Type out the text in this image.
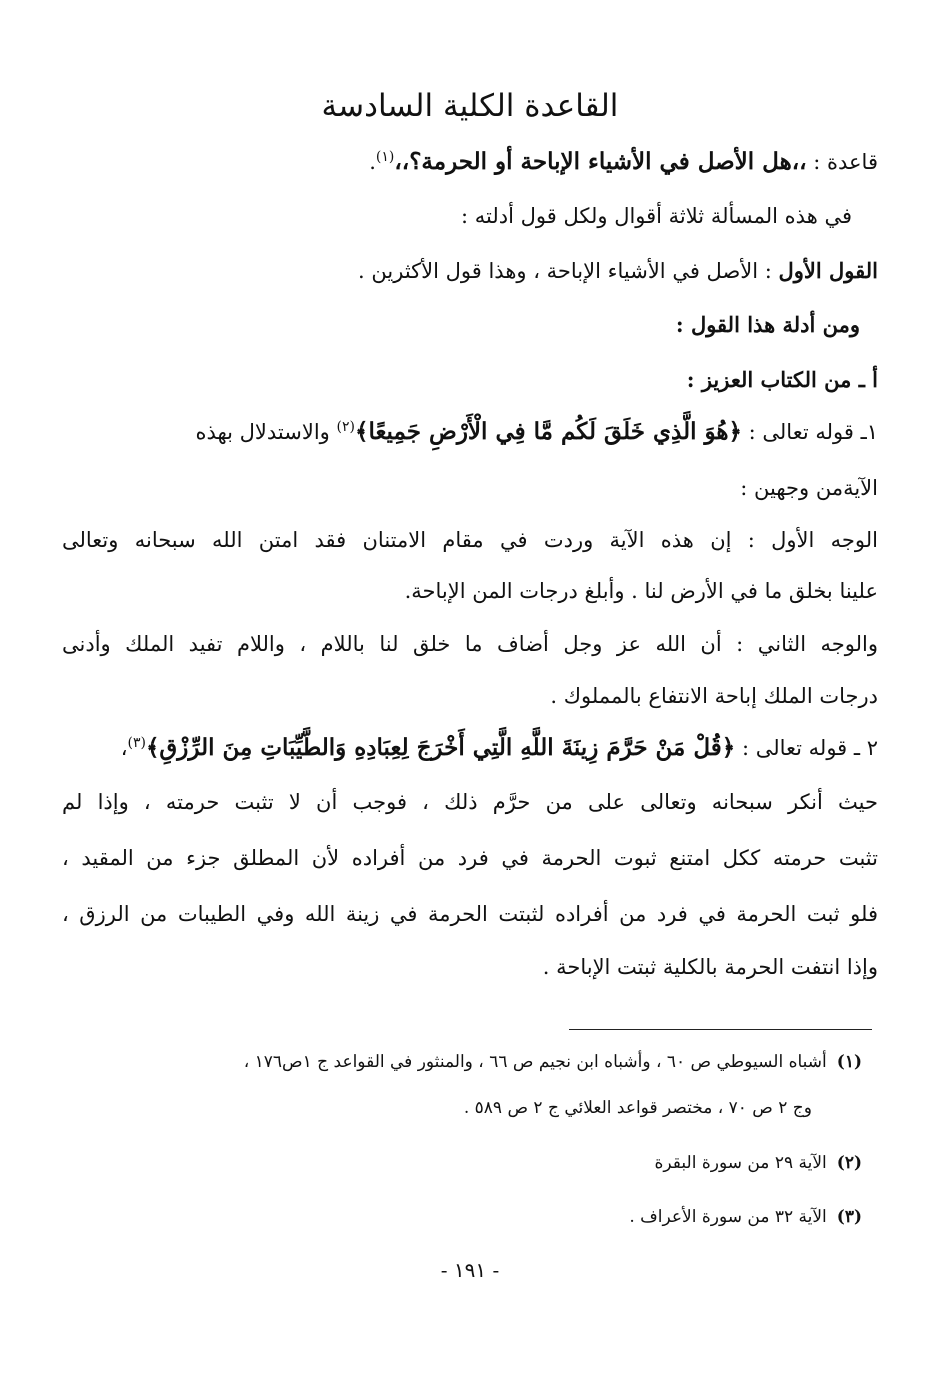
القاعدة الكلية السادسة
قاعدة : ،،هل الأصل في الأشياء الإباحة أو الحرمة؟،،$^{(١)}$.
في هذه المسألة ثلاثة أقوال ولكل قول أدلته :
القول الأول : الأصل في الأشياء الإباحة ، وهذا قول الأكثرين .
ومن أدلة هذا القول :
أ ـ من الكتاب العزيز :
١ـ قوله تعالى : ﴿هُوَ الَّذِي خَلَقَ لَكُم مَّا فِي الْأَرْضِ جَمِيعًا﴾$^{(٢)}$ والاستدلال بهذه
الآيةمن وجهين :
الوجه الأول : إن هذه الآية وردت في مقام الامتنان فقد امتن الله سبحانه وتعالى
علينا بخلق ما في الأرض لنا . وأبلغ درجات المن الإباحة.
والوجه الثاني : أن الله عز وجل أضاف ما خلق لنا باللام ، واللام تفيد الملك وأدنى
درجات الملك إباحة الانتفاع بالمملوك .
٢ ـ قوله تعالى : ﴿قُلْ مَنْ حَرَّمَ زِينَةَ اللَّهِ الَّتِي أَخْرَجَ لِعِبَادِهِ وَالطَّيِّبَاتِ مِنَ الرِّزْقِ﴾$^{(٣)}$،
حيث أنكر سبحانه وتعالى على من حرَّم ذلك ، فوجب أن لا تثبت حرمته ، وإذا لم
تثبت حرمته ككل امتنع ثبوت الحرمة في فرد من أفراده لأن المطلق جزء من المقيد ،
فلو ثبت الحرمة في فرد من أفراده لثبتت الحرمة في زينة الله وفي الطيبات من الرزق ،
وإذا انتفت الحرمة بالكلية ثبتت الإباحة .
(١)أشباه السيوطي ص ٦٠ ، وأشباه ابن نجيم ص ٦٦ ، والمنثور في القواعد ج ١ص١٧٦ ،
وج ٢ ص ٧٠ ، مختصر قواعد العلائي ج ٢ ص ٥٨٩ .
(٢)الآية ٢٩ من سورة البقرة
(٣)الآية ٣٢ من سورة الأعراف .
- ١٩١ -
